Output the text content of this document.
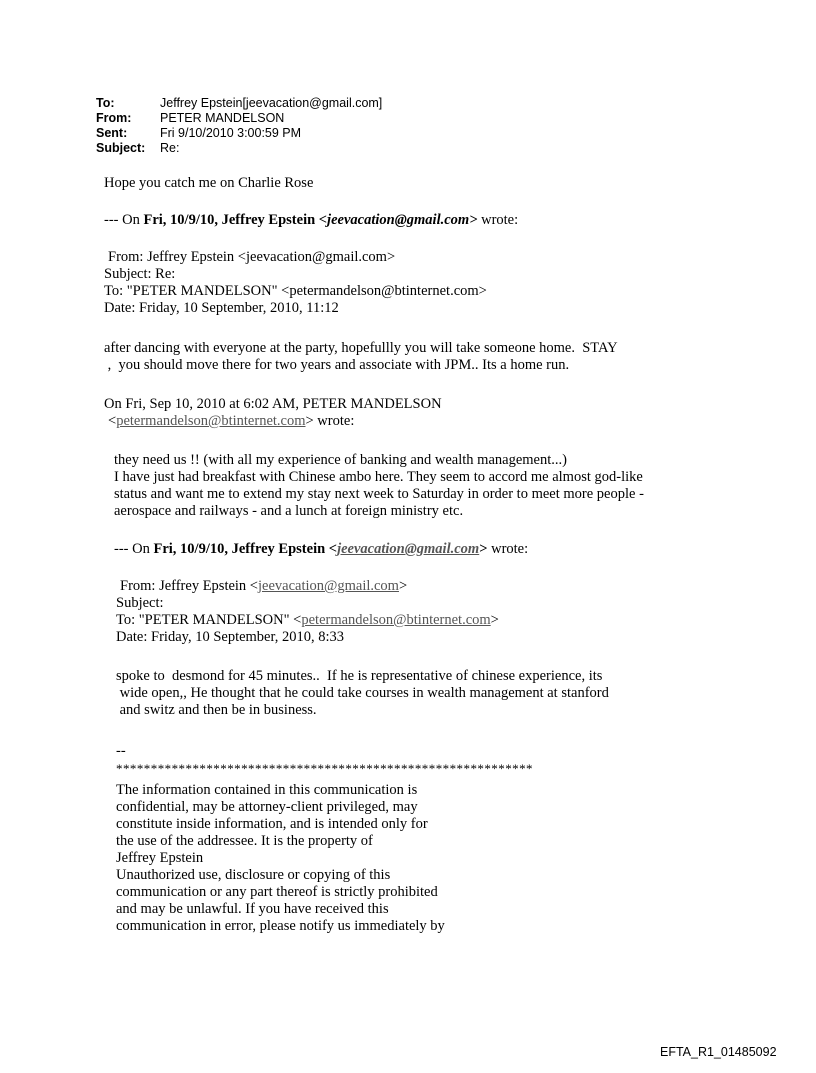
To:	Jeffrey Epstein[jeevacation@gmail.com]
From:	PETER MANDELSON
Sent:	Fri 9/10/2010 3:00:59 PM
Subject:	Re:
Hope you catch me on Charlie Rose
--- On Fri, 10/9/10, Jeffrey Epstein <jeevacation@gmail.com> wrote:
From: Jeffrey Epstein <jeevacation@gmail.com>
Subject: Re:
To: "PETER MANDELSON" <petermandelson@btinternet.com>
Date: Friday, 10 September, 2010, 11:12
after dancing with everyone at the party, hopefullly you will take someone home.  STAY
,  you should move there for two years and associate with JPM.. Its a home run.
On Fri, Sep 10, 2010 at 6:02 AM, PETER MANDELSON
<petermandelson@btinternet.com> wrote:
they need us !! (with all my experience of banking and wealth management...)
I have just had breakfast with Chinese ambo here. They seem to accord me almost god-like
status and want me to extend my stay next week to Saturday in order to meet more people -
aerospace and railways - and a lunch at foreign ministry etc.
--- On Fri, 10/9/10, Jeffrey Epstein <jeevacation@gmail.com> wrote:
From: Jeffrey Epstein <jeevacation@gmail.com>
Subject:
To: "PETER MANDELSON" <petermandelson@btinternet.com>
Date: Friday, 10 September, 2010, 8:33
spoke to  desmond for 45 minutes..  If he is representative of chinese experience, its
wide open,, He thought that he could take courses in wealth management at stanford
and switz and then be in business.
--
************************************************************
The information contained in this communication is
confidential, may be attorney-client privileged, may
constitute inside information, and is intended only for
the use of the addressee. It is the property of
Jeffrey Epstein
Unauthorized use, disclosure or copying of this
communication or any part thereof is strictly prohibited
and may be unlawful. If you have received this
communication in error, please notify us immediately by
EFTA_R1_01485092
